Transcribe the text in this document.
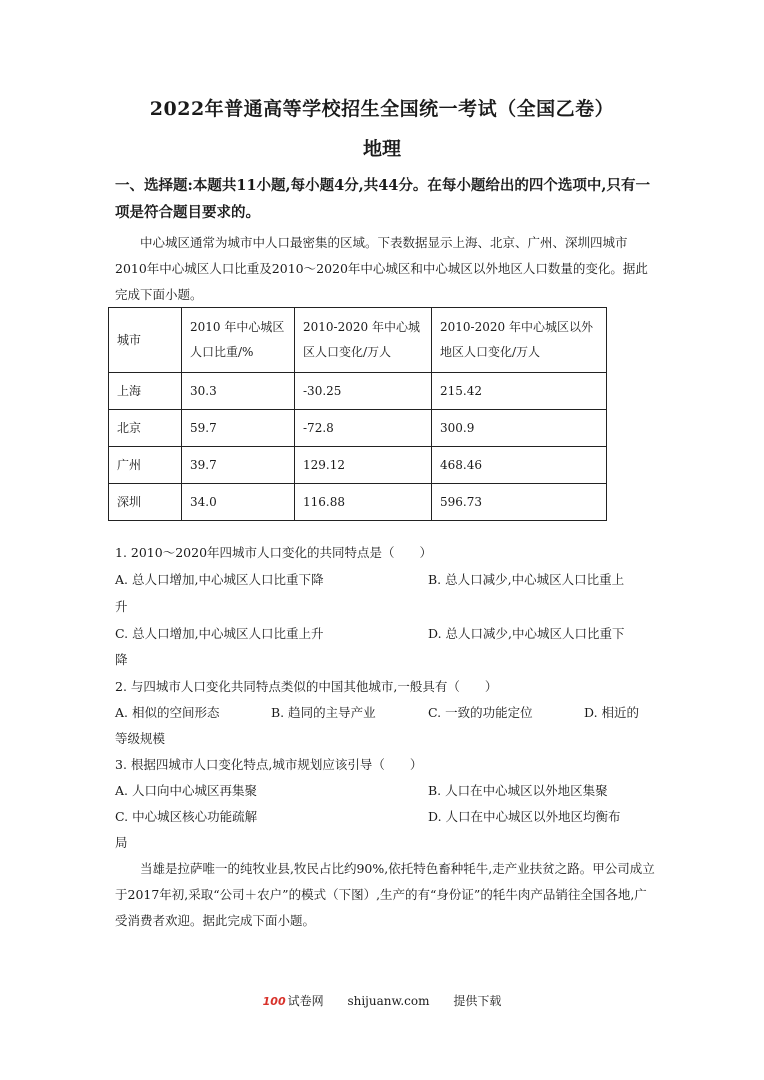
2022年普通高等学校招生全国统一考试（全国乙卷）
地理
一、选择题:本题共11小题,每小题4分,共44分。在每小题给出的四个选项中,只有一项是符合题目要求的。

中心城区通常为城市中人口最密集的区域。下表数据显示上海、北京、广州、深圳四城市2010年中心城区人口比重及2010～2020年中心城区和中心城区以外地区人口数量的变化。据此完成下面小题。

城市	2010 年中心城区人口比重/%	2010-2020 年中心城区人口变化/万人	2010-2020 年中心城区以外地区人口变化/万人
上海	30.3	-30.25	215.42
北京	59.7	-72.8	300.9
广州	39.7	129.12	468.46
深圳	34.0	116.88	596.73
1. 2010～2020年四城市人口变化的共同特点是（　　）
A. 总人口增加,中心城区人口比重下降	B. 总人口减少,中心城区人口比重上
升
C. 总人口增加,中心城区人口比重上升	D. 总人口减少,中心城区人口比重下
降
2. 与四城市人口变化共同特点类似的中国其他城市,一般具有（　　）
A. 相似的空间形态	B. 趋同的主导产业	C. 一致的功能定位	D. 相近的
等级规模
3. 根据四城市人口变化特点,城市规划应该引导（　　）
A. 人口向中心城区再集聚	B. 人口在中心城区以外地区集聚
C. 中心城区核心功能疏解	D. 人口在中心城区以外地区均衡布
局

当雄是拉萨唯一的纯牧业县,牧民占比约90%,依托特色畜种牦牛,走产业扶贫之路。甲公司成立于2017年初,采取“公司＋农户”的模式（下图）,生产的有“身份证”的牦牛肉产品销往全国各地,广受消费者欢迎。据此完成下面小题。

100 试卷网 shijuanw.com 提供下载
